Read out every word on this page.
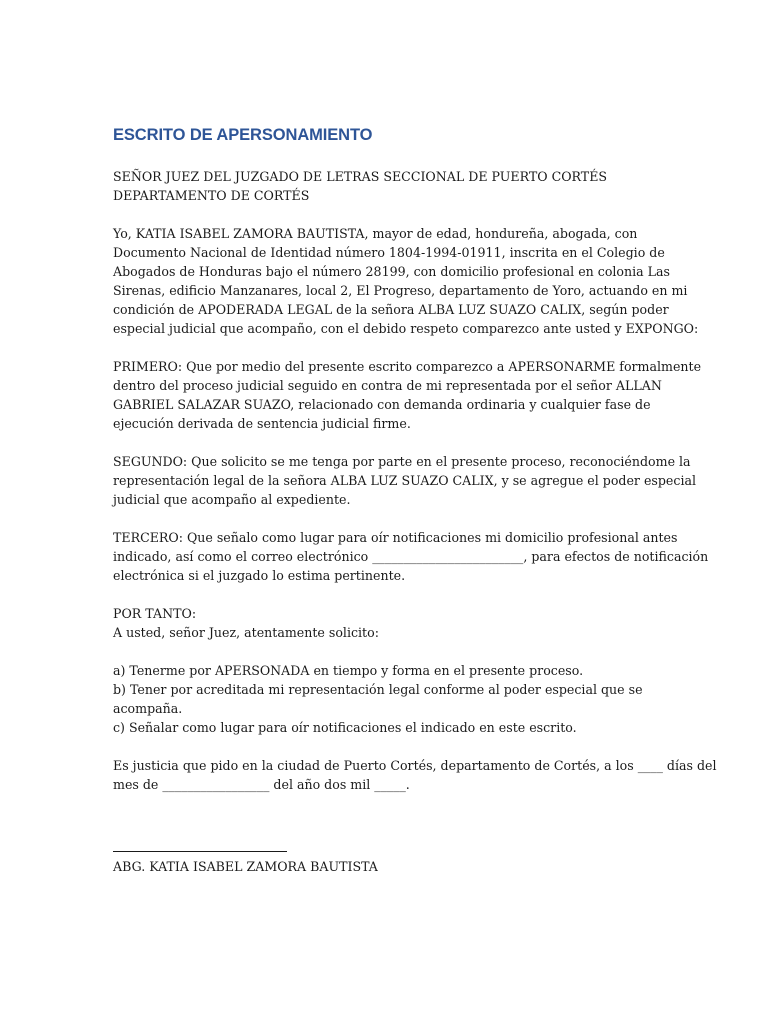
ESCRITO DE APERSONAMIENTO
SEÑOR JUEZ DEL JUZGADO DE LETRAS SECCIONAL DE PUERTO CORTÉS
DEPARTAMENTO DE CORTÉS
Yo, KATIA ISABEL ZAMORA BAUTISTA, mayor de edad, hondureña, abogada, con
Documento Nacional de Identidad número 1804-1994-01911, inscrita en el Colegio de
Abogados de Honduras bajo el número 28199, con domicilio profesional en colonia Las
Sirenas, edificio Manzanares, local 2, El Progreso, departamento de Yoro, actuando en mi
condición de APODERADA LEGAL de la señora ALBA LUZ SUAZO CALIX, según poder
especial judicial que acompaño, con el debido respeto comparezco ante usted y EXPONGO:
PRIMERO: Que por medio del presente escrito comparezco a APERSONARME formalmente
dentro del proceso judicial seguido en contra de mi representada por el señor ALLAN
GABRIEL SALAZAR SUAZO, relacionado con demanda ordinaria y cualquier fase de
ejecución derivada de sentencia judicial firme.
SEGUNDO: Que solicito se me tenga por parte en el presente proceso, reconociéndome la
representación legal de la señora ALBA LUZ SUAZO CALIX, y se agregue el poder especial
judicial que acompaño al expediente.
TERCERO: Que señalo como lugar para oír notificaciones mi domicilio profesional antes
indicado, así como el correo electrónico ________________________, para efectos de notificación
electrónica si el juzgado lo estima pertinente.
POR TANTO:
A usted, señor Juez, atentamente solicito:
a) Tenerme por APERSONADA en tiempo y forma en el presente proceso.
b) Tener por acreditada mi representación legal conforme al poder especial que se
acompaña.
c) Señalar como lugar para oír notificaciones el indicado en este escrito.
Es justicia que pido en la ciudad de Puerto Cortés, departamento de Cortés, a los ____ días del
mes de _________________ del año dos mil _____.
ABG. KATIA ISABEL ZAMORA BAUTISTA
